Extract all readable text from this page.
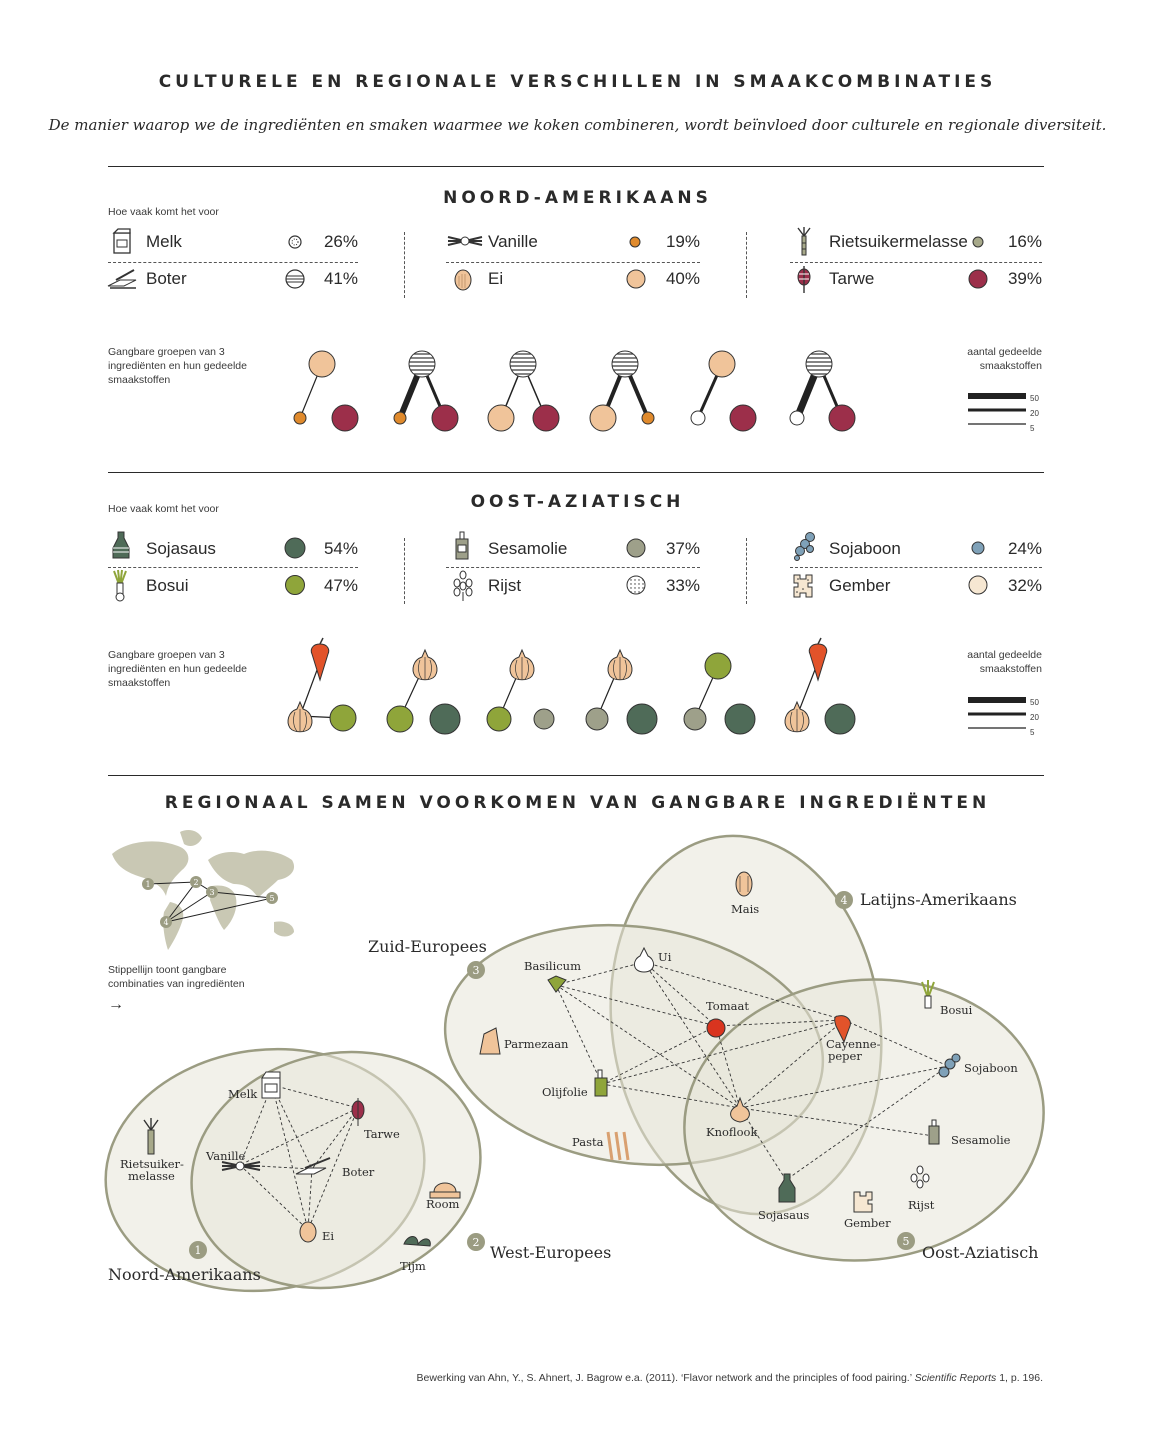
CULTURELE EN REGIONALE VERSCHILLEN IN SMAAKCOMBINATIES
De manier waarop we de ingrediënten en smaken waarmee we koken combineren, wordt beïnvloed door culturele en regionale diversiteit.
NOORD-AMERIKAANS
Hoe vaak komt het voor
Melk	26%
Boter	41%
Vanille	19%
Ei	40%
Rietsuikermelasse	16%
Tarwe	39%
Gangbare groepen van 3 ingrediënten en hun gedeelde smaakstoffen
aantal gedeelde smaakstoffen
50
20
5
OOST-AZIATISCH
Hoe vaak komt het voor
Sojasaus	54%
Bosui	47%
Sesamolie	37%
Rijst	33%
Sojaboon	24%
Gember	32%
Gangbare groepen van 3 ingrediënten en hun gedeelde smaakstoffen
aantal gedeelde smaakstoffen
50
20
5
REGIONAAL SAMEN VOORKOMEN VAN GANGBARE INGREDIËNTEN
1	2
3
4
5
Stippellijn toont gangbare combinaties van ingrediënten
→
Melk
Tarwe
Rietsuiker-
melasse
Vanille
Boter
Room
Ei
Tijm
Basilicum
Ui
Mais
Tomaat
Parmezaan	Cayenne-
peper
Olijfolie
Knoflook
Pasta
Bosui
Sojaboon
Sesamolie
Sojasaus
Gember
Rijst
1
2
3
4
5
Noord-Amerikaans
West-Europees
Zuid-Europees
Latijns-Amerikaans
Oost-Aziatisch
Bewerking van Ahn, Y., S. Ahnert, J. Bagrow e.a. (2011). ‘Flavor network and the principles of food pairing.’ Scientific Reports 1, p. 196.
